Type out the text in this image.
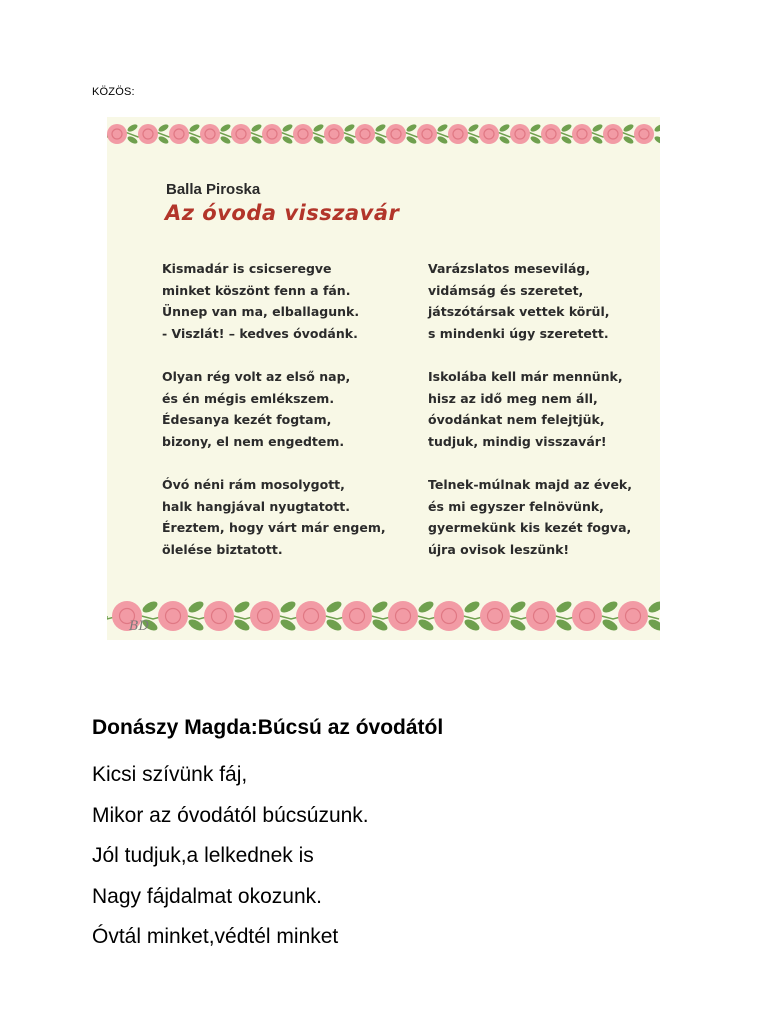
KÖZÖS:
Balla Piroska
Az óvoda visszavár
Kismadár is csicseregve
minket köszönt fenn a fán.
Ünnep van ma, elballagunk.
- Viszlát! – kedves óvodánk.
Olyan rég volt az első nap,
és én mégis emlékszem.
Édesanya kezét fogtam,
bizony, el nem engedtem.
Óvó néni rám mosolygott,
halk hangjával nyugtatott.
Éreztem, hogy várt már engem,
ölelése biztatott.
Varázslatos mesevilág,
vidámság és szeretet,
játszótársak vettek körül,
s mindenki úgy szeretett.
Iskolába kell már mennünk,
hisz az idő meg nem áll,
óvodánkat nem felejtjük,
tudjuk, mindig visszavár!
Telnek-múlnak majd az évek,
és mi egyszer felnövünk,
gyermekünk kis kezét fogva,
újra ovisok leszünk!
BD
Donászy Magda:Búcsú az óvodától
Kicsi szívünk fáj,
Mikor az óvodától búcsúzunk.
Jól tudjuk,a lelkednek is
Nagy fájdalmat okozunk.
Óvtál minket,védtél minket
